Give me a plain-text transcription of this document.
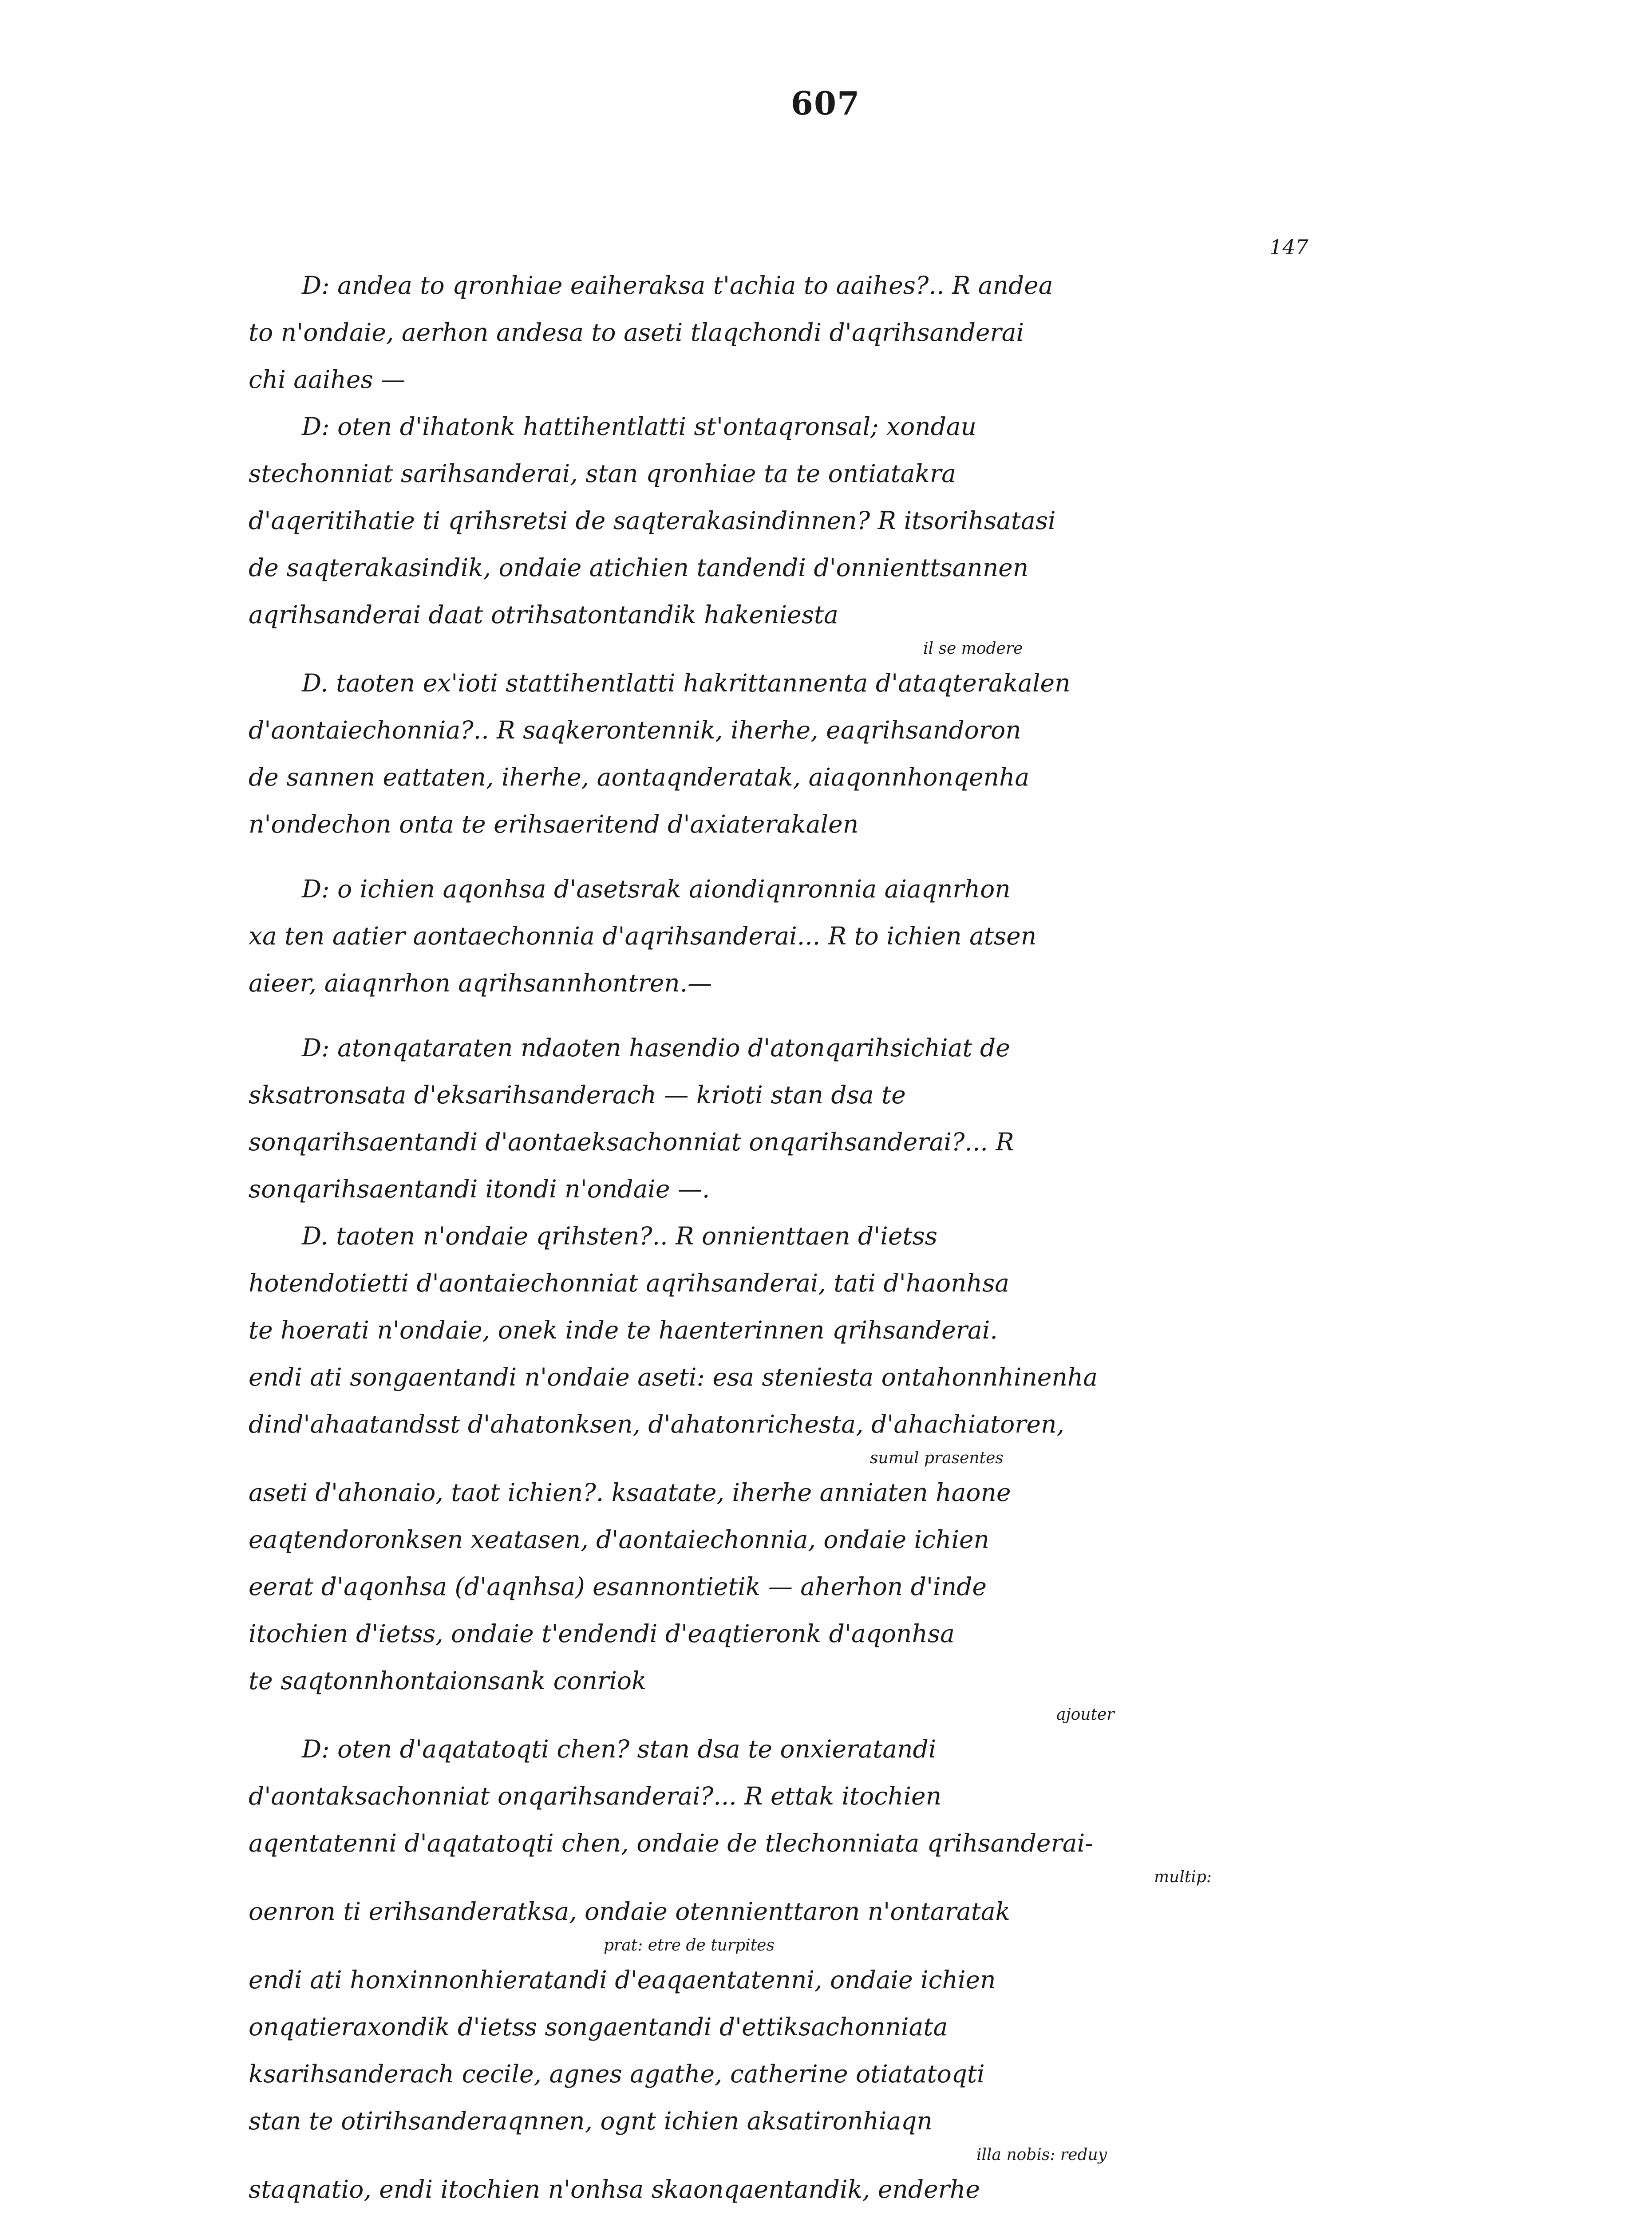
607
147
D: andea to qronhiae eaiheraksa t'achia to aaihes?.. R andea
to n'ondaie, aerhon andesa to aseti tlaqchondi d'aqrihsanderai
chi aaihes —
D: oten d'ihatonk hattihentlatti st'ontaqronsal; xondau
stechonniat sarihsanderai, stan qronhiae ta te ontiatakra
d'aqeritihatie ti qrihsretsi de saqterakasindinnen? R itsorihsatasi
de saqterakasindik, ondaie atichien tandendi d'onnienttsannen
aqrihsanderai daat otrihsatontandik hakeniesta
il se modere
D. taoten ex'ioti stattihentlatti hakrittannenta d'ataqterakalen
d'aontaiechonnia?.. R saqkerontennik, iherhe, eaqrihsandoron
de sannen eattaten, iherhe, aontaqnderatak, aiaqonnhonqenha
n'ondechon onta te erihsaeritend d'axiaterakalen
D: o ichien aqonhsa d'asetsrak aiondiqnronnia aiaqnrhon
xa ten aatier aontaechonnia d'aqrihsanderai... R to ichien atsen
aieer, aiaqnrhon aqrihsannhontren.—
D: atonqataraten ndaoten hasendio d'atonqarihsichiat de
sksatronsata d'eksarihsanderach — krioti stan dsa te
sonqarihsaentandi d'aontaeksachonniat onqarihsanderai?... R
sonqarihsaentandi itondi n'ondaie —.
D. taoten n'ondaie qrihsten?.. R onnienttaen d'ietss
hotendotietti d'aontaiechonniat aqrihsanderai, tati d'haonhsa
te hoerati n'ondaie, onek inde te haenterinnen qrihsanderai.
endi ati songaentandi n'ondaie aseti: esa steniesta ontahonnhinenha
dind'ahaatandsst d'ahatonksen, d'ahatonrichesta, d'ahachiatoren,
sumul prasentes
aseti d'ahonaio, taot ichien?. ksaatate, iherhe anniaten haone
eaqtendoronksen xeatasen, d'aontaiechonnia, ondaie ichien
eerat d'aqonhsa (d'aqnhsa) esannontietik — aherhon d'inde
itochien d'ietss, ondaie t'endendi d'eaqtieronk d'aqonhsa
te saqtonnhontaionsank conriok
ajouter
D: oten d'aqatatoqti chen? stan dsa te onxieratandi
d'aontaksachonniat onqarihsanderai?... R ettak itochien
aqentatenni d'aqatatoqti chen, ondaie de tlechonniata qrihsanderai-
multip:
oenron ti erihsanderatksa, ondaie otennienttaron n'ontaratak
prat: etre de turpites
endi ati honxinnonhieratandi d'eaqaentatenni, ondaie ichien
onqatieraxondik d'ietss songaentandi d'ettiksachonniata
ksarihsanderach cecile, agnes agathe, catherine otiatatoqti
stan te otirihsanderaqnnen, ognt ichien aksatironhiaqn
illa nobis: reduy
staqnatio, endi itochien n'onhsa skaonqaentandik, enderhe
